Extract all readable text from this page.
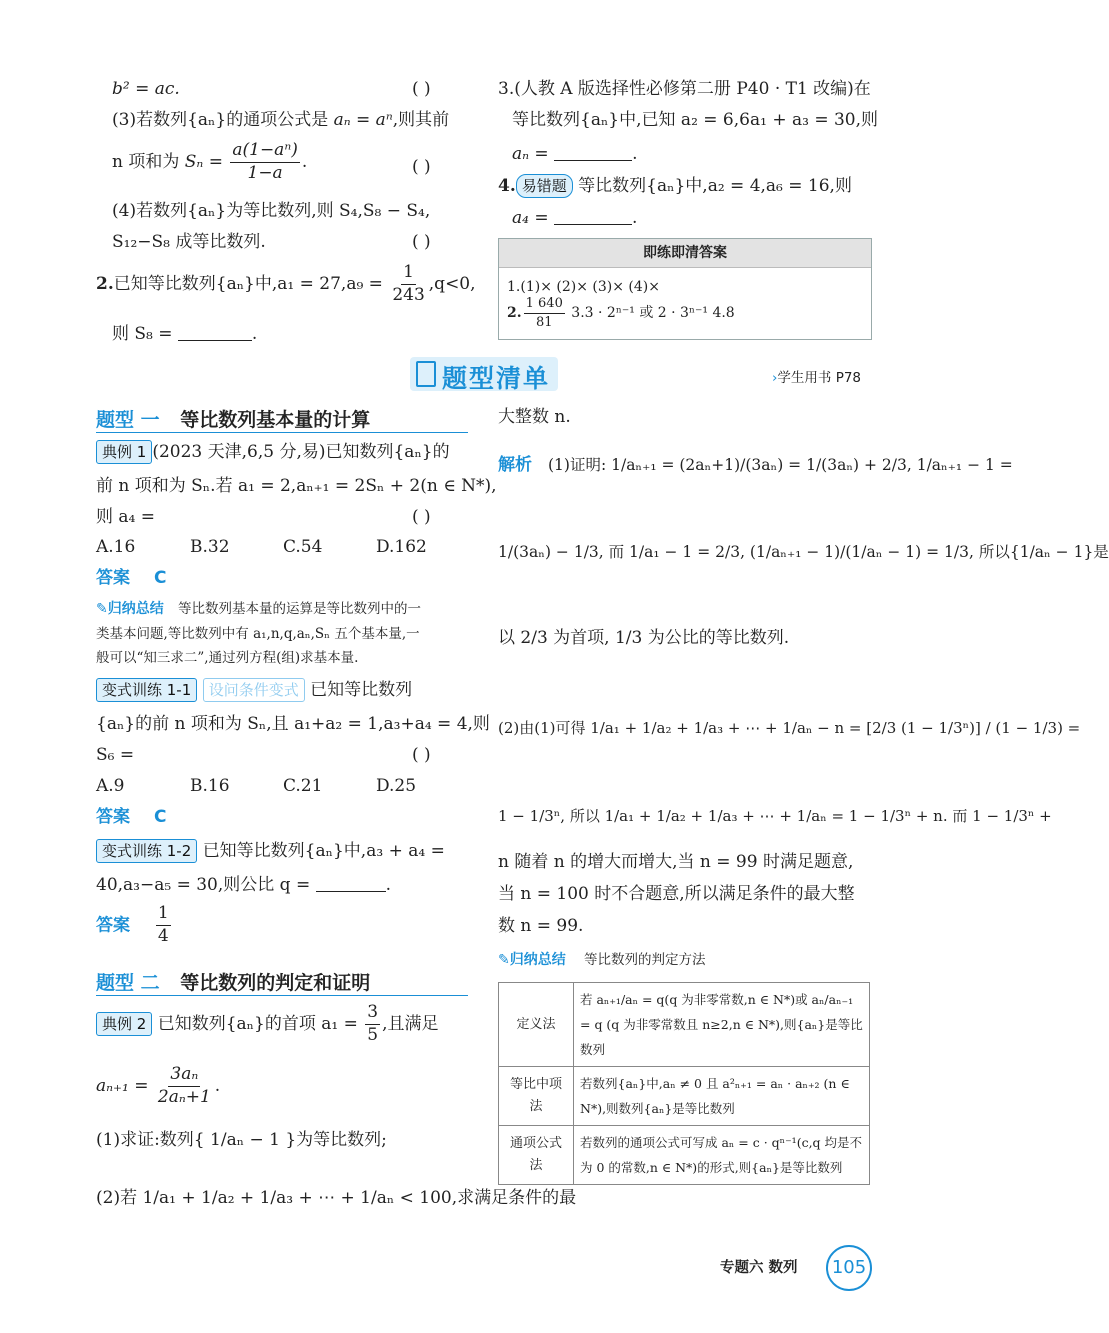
b² = ac.	( )
(3)若数列{aₙ}的通项公式是 aₙ = aⁿ,则其前
n 项和为 $S_n = \frac{\text{a(1−aⁿ)}}{1-a}$ .	( )
(4)若数列{aₙ}为等比数列,则 S₄,S₈ − S₄,
S₁₂−S₈ 成等比数列.	( )
2.已知等比数列{aₙ}中$,a_1 = 27,a_9 = \frac{1}{243} ,q<0$,
则 S₈ =	.
3.(人教 A 版选择性必修第二册 P40 · T1 改编)在
等比数列{aₙ}中,已知 a₂ = 6,6a₁ + a₃ = 30,则
aₙ =	.
4. 易错题 等比数列{aₙ}中,a₂ = 4,a₆ = 16,则
a₄ =	.
即练即清答案
1.(1)× (2)× (3)× (4)×
2. $\frac{1 640}{81} 3.3 \cdot 2^{n-1}$ 或 2 · 3ⁿ⁻¹ 4.8
题型清单	›学生用书 P78
题型 一 等比数列基本量的计算
典例 1 (2023 天津,6,5 分,易)已知数列{aₙ}的
前 n 项和为 Sₙ.若 a₁ = 2,aₙ₊₁ = 2Sₙ + 2(n ∈ N*),
则 a₄ =	( )
A.16	B.32	C.54	D.162
答案 C
✎归纳总结 等比数列基本量的运算是等比数列中的一
类基本问题,等比数列中有 a₁,n,q,aₙ,Sₙ 五个基本量,一
般可以“知三求二”,通过列方程(组)求基本量.
变式训练 1-1 设问条件变式 已知等比数列
{aₙ}的前 n 项和为 Sₙ,且 a₁+a₂ = 1,a₃+a₄ = 4,则
S₆ =	( )
A.9	B.16	C.21	D.25
答案 C
变式训练 1-2 已知等比数列{aₙ}中,a₃ + a₄ =
40,a₃−a₅ = 30,则公比 q =	.
答案 $\frac{1}{4}$
题型 二 等比数列的判定和证明
典例 2 已知数列{aₙ}的首项 $a_1 = \frac{3}{5}$ ,且满足
$a_{n+1} = \frac{\text{3aₙ}}{\text{2aₙ+1}}$ .
(1)求证:数列{ 1/aₙ − 1 }为等比数列;
(2)若 1/a₁ + 1/a₂ + 1/a₃ + ⋯ + 1/aₙ < 100,求满足条件的最
大整数 n.
解析 (1)证明: 1/aₙ₊₁ = (2aₙ+1)/(3aₙ) = 1/(3aₙ) + 2/3, 1/aₙ₊₁ − 1 =
1/(3aₙ) − 1/3, 而 1/a₁ − 1 = 2/3, (1/aₙ₊₁ − 1)/(1/aₙ − 1) = 1/3, 所以{1/aₙ − 1}是
以 2/3 为首项, 1/3 为公比的等比数列.
(2)由(1)可得 1/a₁ + 1/a₂ + 1/a₃ + ⋯ + 1/aₙ − n = [2/3 (1 − 1/3ⁿ)] / (1 − 1/3) =
1 − 1/3ⁿ, 所以 1/a₁ + 1/a₂ + 1/a₃ + ⋯ + 1/aₙ = 1 − 1/3ⁿ + n. 而 1 − 1/3ⁿ +
n 随着 n 的增大而增大,当 n = 99 时满足题意,
当 n = 100 时不合题意,所以满足条件的最大整
数 n = 99.
✎归纳总结 等比数列的判定方法
定义法	若 aₙ₊₁/aₙ = q(q 为非零常数,n ∈ N*)或 aₙ/aₙ₋₁ = q (q 为非零常数且 n≥2,n ∈ N*),则{aₙ}是等比数列
等比中项法	若数列{aₙ}中,aₙ ≠ 0 且 a²ₙ₊₁ = aₙ · aₙ₊₂ (n ∈ N*),则数列{aₙ}是等比数列
通项公式法	若数列的通项公式可写成 aₙ = c · qⁿ⁻¹(c,q 均是不为 0 的常数,n ∈ N*)的形式,则{aₙ}是等比数列
专题六 数列	105
